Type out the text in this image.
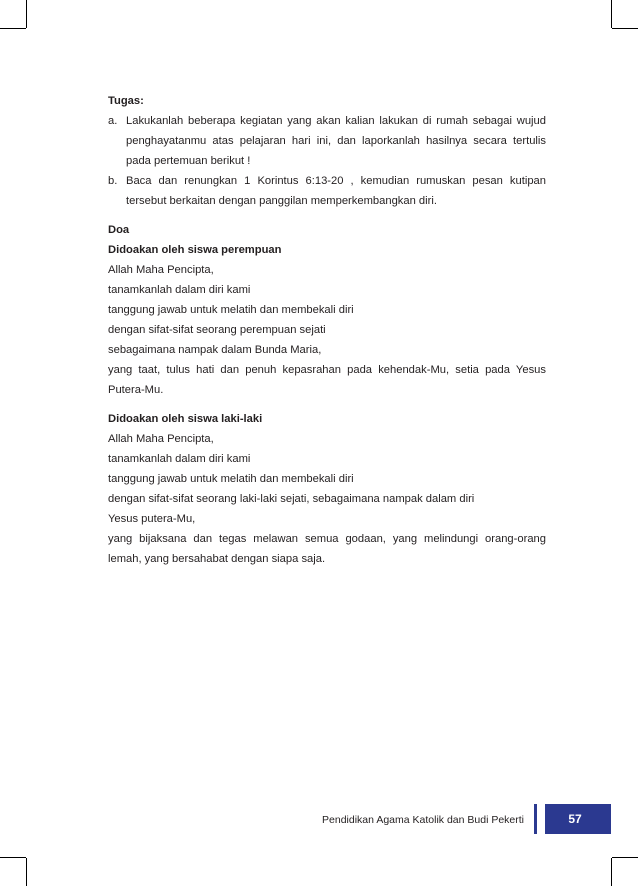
Tugas:
a. Lakukanlah beberapa kegiatan yang akan kalian lakukan di rumah sebagai wujud penghayatanmu atas pelajaran hari ini, dan laporkanlah hasilnya secara tertulis pada pertemuan berikut !
b. Baca dan renungkan 1 Korintus 6:13-20 , kemudian rumuskan pesan kutipan tersebut berkaitan dengan panggilan memperkembangkan diri.
Doa
Didoakan oleh siswa perempuan
Allah Maha Pencipta,
tanamkanlah dalam diri kami
tanggung jawab untuk melatih dan membekali diri
dengan sifat-sifat seorang perempuan sejati
sebagaimana nampak dalam Bunda Maria,
yang taat, tulus hati dan penuh kepasrahan pada kehendak-Mu, setia pada Yesus Putera-Mu.
Didoakan oleh siswa laki-laki
Allah Maha Pencipta,
tanamkanlah dalam diri kami
tanggung jawab untuk melatih dan membekali diri
dengan sifat-sifat seorang laki-laki sejati, sebagaimana nampak dalam diri
Yesus putera-Mu,
yang bijaksana dan tegas melawan semua godaan, yang melindungi orang-orang lemah, yang bersahabat dengan siapa saja.
Pendidikan Agama Katolik dan Budi Pekerti	57
